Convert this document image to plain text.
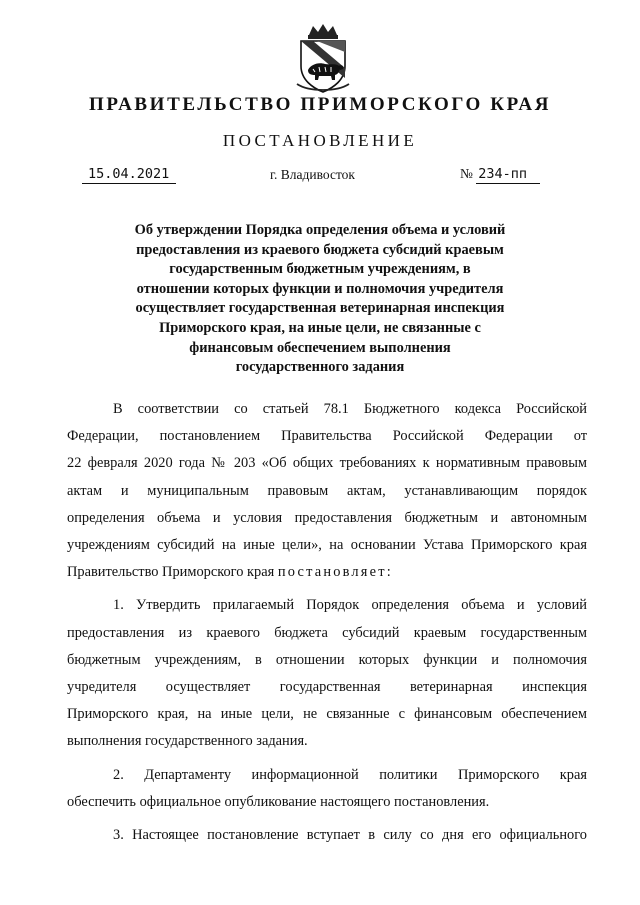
ПРАВИТЕЛЬСТВО ПРИМОРСКОГО КРАЯ
ПОСТАНОВЛЕНИЕ
15.04.2021	г. Владивосток	№ 234-пп
Об утверждении Порядка определения объема и условий
предоставления из краевого бюджета субсидий краевым
государственным бюджетным учреждениям, в
отношении которых функции и полномочия учредителя
осуществляет государственная ветеринарная инспекция
Приморского края, на иные цели, не связанные с
финансовым обеспечением выполнения
государственного задания
В соответствии со статьей 78.1 Бюджетного кодекса Российской
Федерации, постановлением Правительства Российской Федерации от
22 февраля 2020 года № 203 «Об общих требованиях к нормативным правовым
актам и муниципальным правовым актам, устанавливающим порядок
определения объема и условия предоставления бюджетным и автономным
учреждениям субсидий на иные цели», на основании Устава Приморского края
Правительство Приморского края постановляет:
1. Утвердить прилагаемый Порядок определения объема и условий
предоставления из краевого бюджета субсидий краевым государственным
бюджетным учреждениям, в отношении которых функции и полномочия
учредителя осуществляет государственная ветеринарная инспекция
Приморского края, на иные цели, не связанные с финансовым обеспечением
выполнения государственного задания.
2. Департаменту информационной политики Приморского края
обеспечить официальное опубликование настоящего постановления.
3. Настоящее постановление вступает в силу со дня его официального
